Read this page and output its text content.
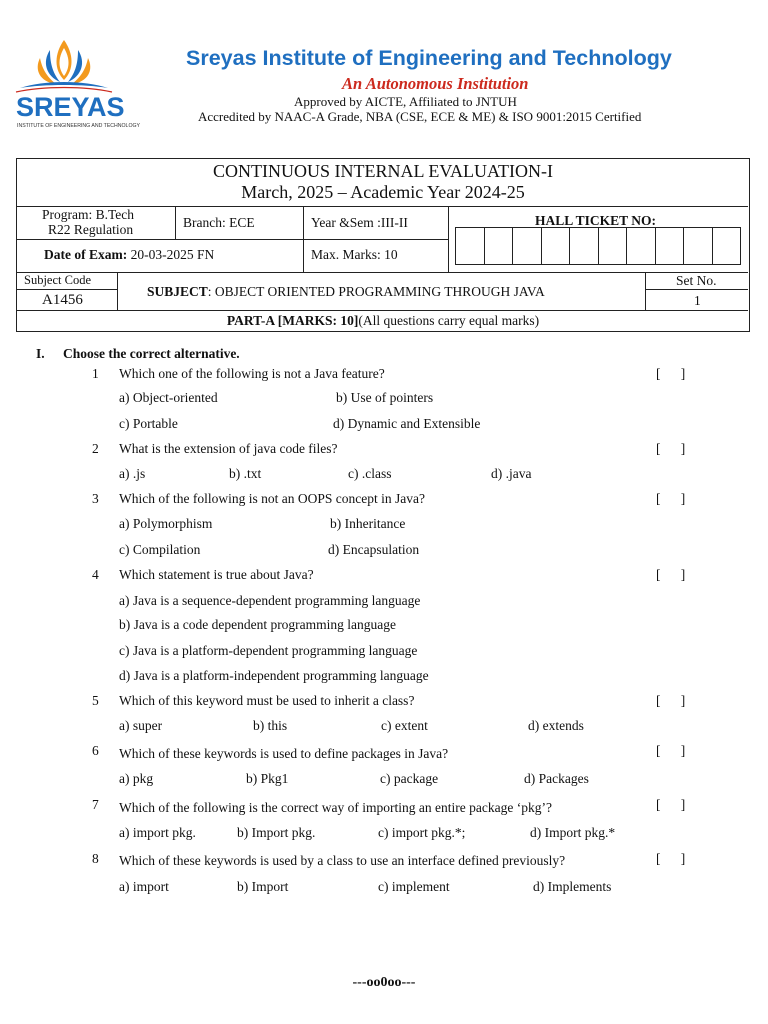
SREYAS
INSTITUTE OF ENGINEERING AND TECHNOLOGY
Sreyas Institute of Engineering and Technology
An Autonomous Institution
Approved by AICTE, Affiliated to JNTUH
Accredited by NAAC-A Grade, NBA (CSE, ECE & ME) & ISO 9001:2015 Certified
CONTINUOUS INTERNAL EVALUATION-I
March, 2025 – Academic Year 2024-25
Program: B.Tech
R22 Regulation	Branch: ECE	Year &Sem :III-II	HALL TICKET NO:
Date of Exam: 20-03-2025 FN	Max. Marks: 10
Subject Code
A1456
SUBJECT: OBJECT ORIENTED PROGRAMMING THROUGH JAVA
Set No.
1
PART-A [MARKS: 10](All questions carry equal marks)
I. Choose the correct alternative.
1 Which one of the following is not a Java feature?	[      ]
a) Object-oriented	b) Use of pointers
c) Portable	d) Dynamic and Extensible
2 What is the extension of java code files?	[      ]
a) .js	b) .txt	c) .class	d) .java
3 Which of the following is not an OOPS concept in Java?	[      ]
a) Polymorphism	b) Inheritance
c) Compilation	d) Encapsulation
4 Which statement is true about Java?	[      ]
a) Java is a sequence-dependent programming language
b) Java is a code dependent programming language
c) Java is a platform-dependent programming language
d) Java is a platform-independent programming language
5 Which of this keyword must be used to inherit a class?	[      ]
a) super	b) this	c) extent	d) extends
6 Which of these keywords is used to define packages in Java?	[      ]
a) pkg	b) Pkg1	c) package	d) Packages
7 Which of the following is the correct way of importing an entire package ‘pkg’?	[      ]
a) import pkg.	b) Import pkg.	c) import pkg.*;	d) Import pkg.*
8 Which of these keywords is used by a class to use an interface defined previously?	[      ]
a) import	b) Import	c) implement	d) Implements
---oo0oo---
